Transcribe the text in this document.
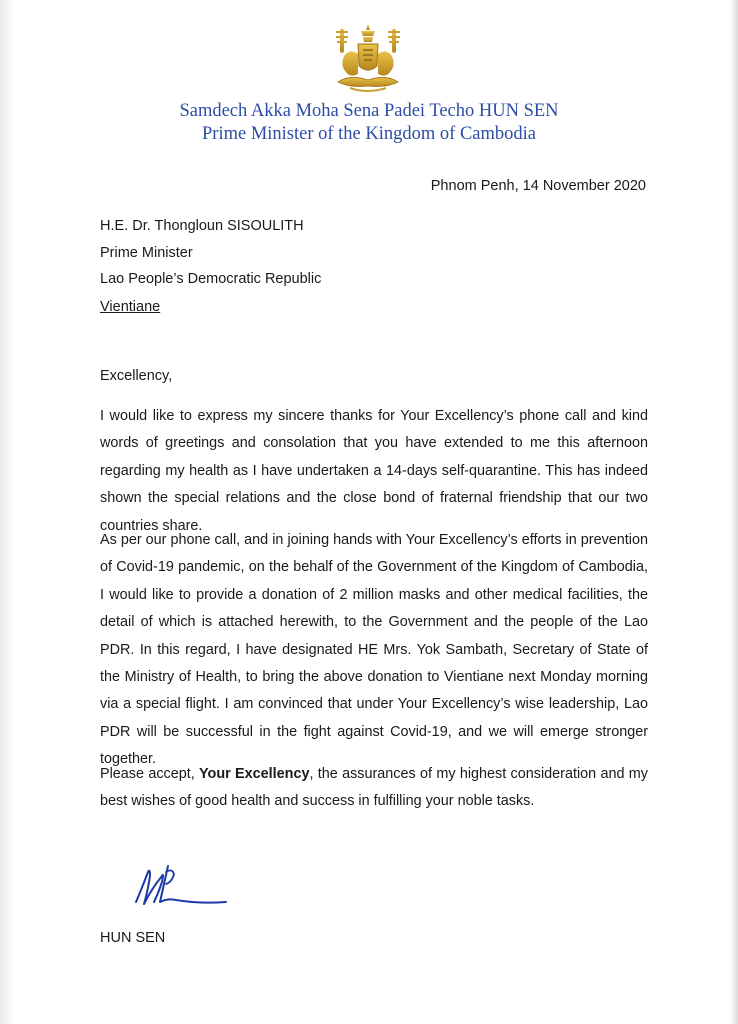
Samdech Akka Moha Sena Padei Techo HUN SEN
Prime Minister of the Kingdom of Cambodia
Phnom Penh, 14 November 2020
H.E. Dr. Thongloun SISOULITH
Prime Minister
Lao People’s Democratic Republic
Vientiane
Excellency,

I would like to express my sincere thanks for Your Excellency’s phone call and kind words of greetings and consolation that you have extended to me this afternoon regarding my health as I have undertaken a 14-days self-quarantine. This has indeed shown the special relations and the close bond of fraternal friendship that our two countries share.

As per our phone call, and in joining hands with Your Excellency’s efforts in prevention of Covid-19 pandemic, on the behalf of the Government of the Kingdom of Cambodia, I would like to provide a donation of 2 million masks and other medical facilities, the detail of which is attached herewith, to the Government and the people of the Lao PDR. In this regard, I have designated HE Mrs. Yok Sambath, Secretary of State of the Ministry of Health, to bring the above donation to Vientiane next Monday morning via a special flight. I am convinced that under Your Excellency’s wise leadership, Lao PDR will be successful in the fight against Covid-19, and we will emerge stronger together.

Please accept, Your Excellency, the assurances of my highest consideration and my best wishes of good health and success in fulfilling your noble tasks.

HUN SEN
